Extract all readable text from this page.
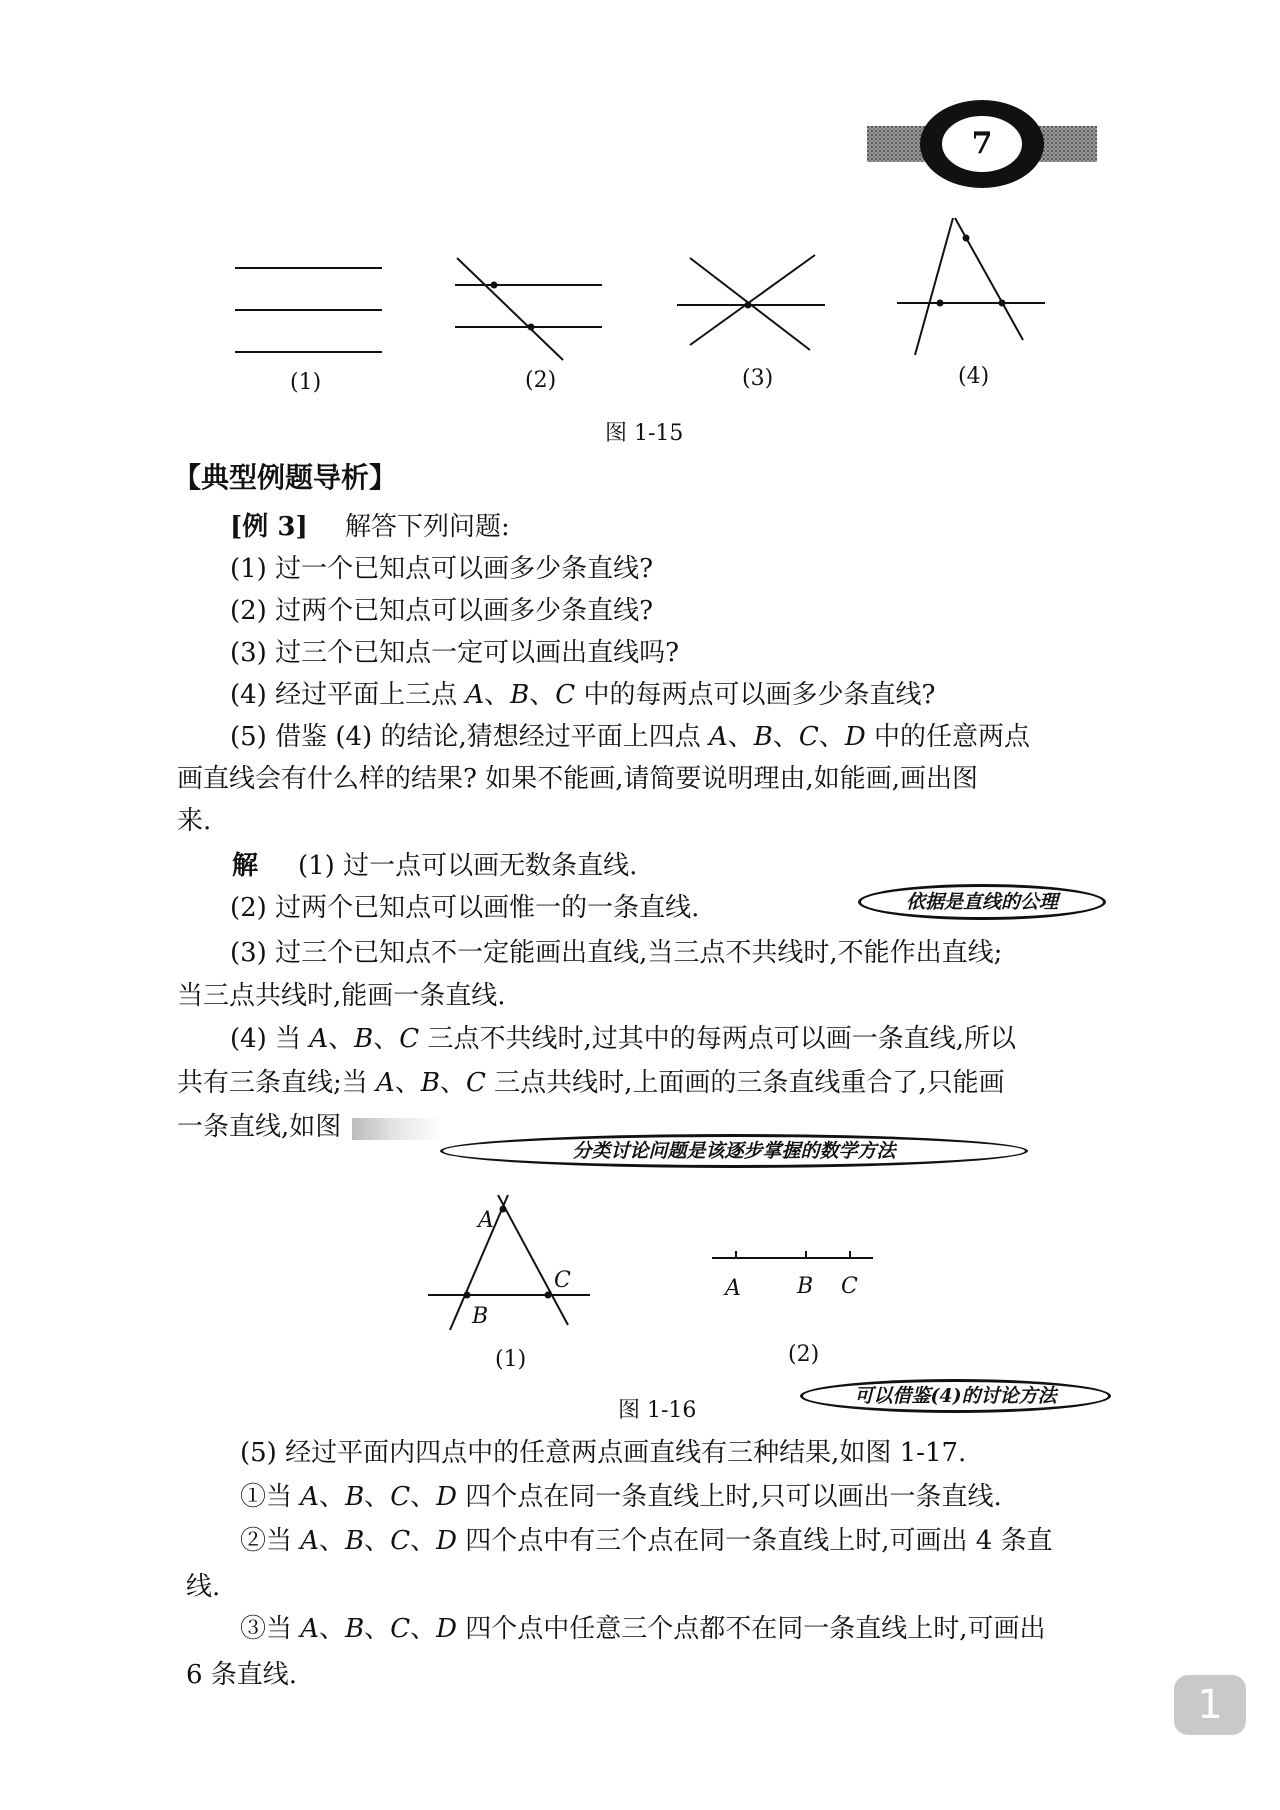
7
(1)	(2)	(3)	(4)
图 1-15
【典型例题导析】
[例 3] 解答下列问题:
(1) 过一个已知点可以画多少条直线?
(2) 过两个已知点可以画多少条直线?
(3) 过三个已知点一定可以画出直线吗?
(4) 经过平面上三点 A、B、C 中的每两点可以画多少条直线?
(5) 借鉴 (4) 的结论,猜想经过平面上四点 A、B、C、D 中的任意两点
画直线会有什么样的结果? 如果不能画,请简要说明理由,如能画,画出图
来.
解 (1) 过一点可以画无数条直线.
(2) 过两个已知点可以画惟一的一条直线.	依据是直线的公理
(3) 过三个已知点不一定能画出直线,当三点不共线时,不能作出直线;
当三点共线时,能画一条直线.
(4) 当 A、B、C 三点不共线时,过其中的每两点可以画一条直线,所以
共有三条直线;当 A、B、C 三点共线时,上面画的三条直线重合了,只能画
一条直线,如图
分类讨论问题是该逐步掌握的数学方法
A
B
C	A	B C
(1)	(2)
图 1-16
可以借鉴(4)的讨论方法
(5) 经过平面内四点中的任意两点画直线有三种结果,如图 1-17.
①当 A、B、C、D 四个点在同一条直线上时,只可以画出一条直线.
②当 A、B、C、D 四个点中有三个点在同一条直线上时,可画出 4 条直
线.
③当 A、B、C、D 四个点中任意三个点都不在同一条直线上时,可画出
6 条直线.
1
